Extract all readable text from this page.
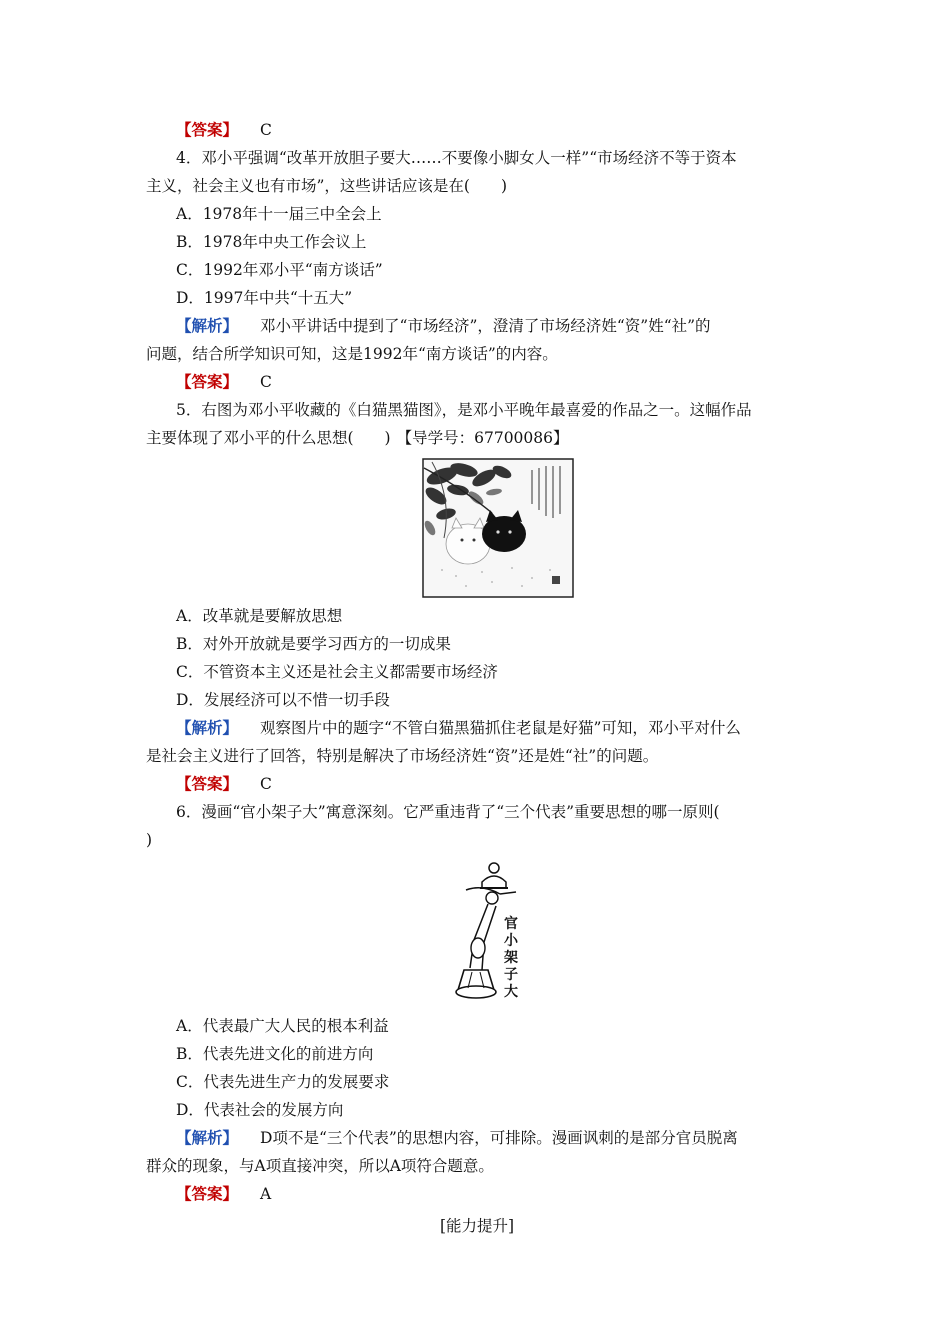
【答案】 C
4．邓小平强调“改革开放胆子要大……不要像小脚女人一样”“市场经济不等于资本
主义，社会主义也有市场”，这些讲话应该是在(　　)
A．1978年十一届三中全会上
B．1978年中央工作会议上
C．1992年邓小平“南方谈话”
D．1997年中共“十五大”
【解析】 邓小平讲话中提到了“市场经济”，澄清了市场经济姓“资”姓“社”的
问题，结合所学知识可知，这是1992年“南方谈话”的内容。
【答案】 C
5．右图为邓小平收藏的《白猫黑猫图》，是邓小平晚年最喜爱的作品之一。这幅作品
主要体现了邓小平的什么思想(　　) 【导学号：67700086】
A．改革就是要解放思想
B．对外开放就是要学习西方的一切成果
C．不管资本主义还是社会主义都需要市场经济
D．发展经济可以不惜一切手段
【解析】 观察图片中的题字“不管白猫黑猫抓住老鼠是好猫”可知，邓小平对什么
是社会主义进行了回答，特别是解决了市场经济姓“资”还是姓“社”的问题。
【答案】 C
6．漫画“官小架子大”寓意深刻。它严重违背了“三个代表”重要思想的哪一原则(
)
官小架子大
A．代表最广大人民的根本利益
B．代表先进文化的前进方向
C．代表先进生产力的发展要求
D．代表社会的发展方向
【解析】 D项不是“三个代表”的思想内容，可排除。漫画讽刺的是部分官员脱离
群众的现象，与A项直接冲突，所以A项符合题意。
【答案】 A
[能力提升]
